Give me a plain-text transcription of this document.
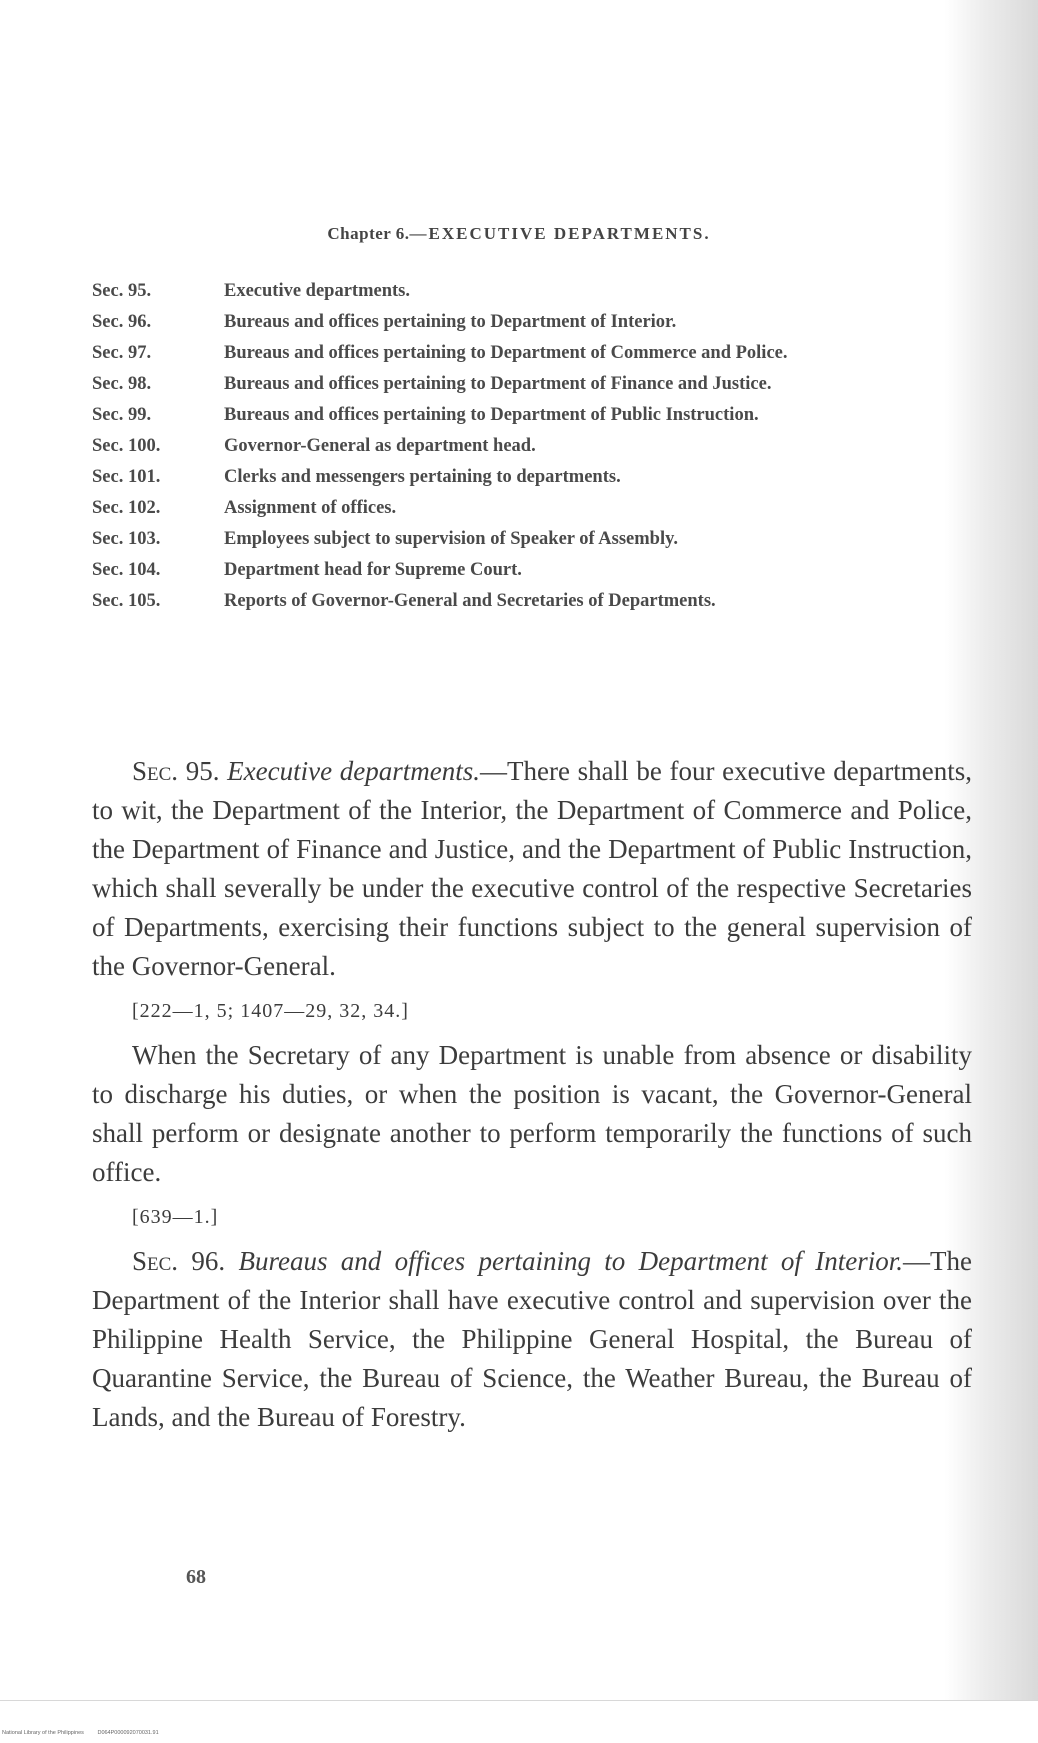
Chapter 6.—EXECUTIVE DEPARTMENTS.
Sec. 95.	Executive departments.
Sec. 96.	Bureaus and offices pertaining to Department of Interior.
Sec. 97.	Bureaus and offices pertaining to Department of Commerce and Police.
Sec. 98.	Bureaus and offices pertaining to Department of Finance and Justice.
Sec. 99.	Bureaus and offices pertaining to Department of Public Instruction.
Sec. 100.	Governor-General as department head.
Sec. 101.	Clerks and messengers pertaining to departments.
Sec. 102.	Assignment of offices.
Sec. 103.	Employees subject to supervision of Speaker of Assembly.
Sec. 104.	Department head for Supreme Court.
Sec. 105.	Reports of Governor-General and Secretaries of Departments.

Sec. 95. Executive departments.—There shall be four executive departments, to wit, the Department of the Interior, the Department of Commerce and Police, the Department of Finance and Justice, and the Department of Public Instruction, which shall severally be under the executive control of the respective Secretaries of Departments, exercising their functions subject to the general supervision of the Governor-General.

[222—1, 5; 1407—29, 32, 34.]

When the Secretary of any Department is unable from absence or disability to discharge his duties, or when the position is vacant, the Governor-General shall perform or designate another to perform temporarily the functions of such office.

[639—1.]

Sec. 96. Bureaus and offices pertaining to Department of Interior.—The Department of the Interior shall have executive control and supervision over the Philippine Health Service, the Philippine General Hospital, the Bureau of Quarantine Service, the Bureau of Science, the Weather Bureau, the Bureau of Lands, and the Bureau of Forestry.

68
National Library of the Philippines D064P000092070031.91
